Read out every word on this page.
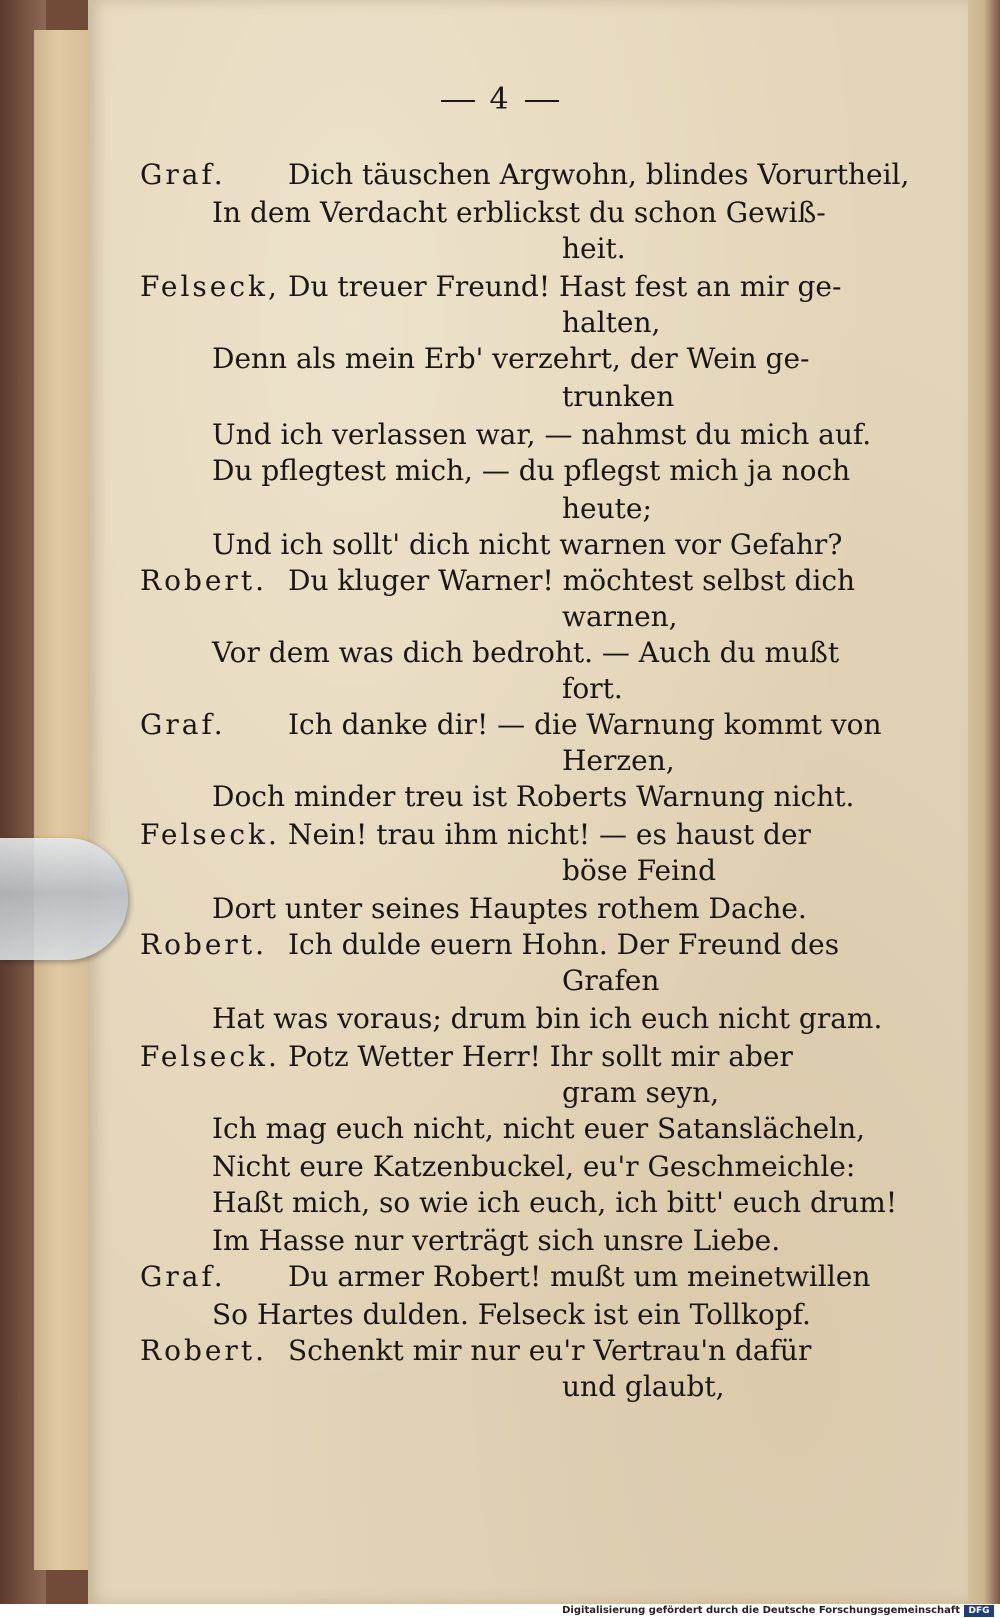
4
Graf. Dich täuschen Argwohn, blindes Vorurtheil,
In dem Verdacht erblickst du schon Gewiß-
heit.
Felseck, Du treuer Freund! Hast fest an mir ge-
halten,
Denn als mein Erb' verzehrt, der Wein ge-
trunken
Und ich verlassen war, — nahmst du mich auf.
Du pflegtest mich, — du pflegst mich ja noch
heute;
Und ich sollt' dich nicht warnen vor Gefahr?
Robert. Du kluger Warner! möchtest selbst dich
warnen,
Vor dem was dich bedroht. — Auch du mußt
fort.
Graf. Ich danke dir! — die Warnung kommt von
Herzen,
Doch minder treu ist Roberts Warnung nicht.
Felseck. Nein! trau ihm nicht! — es haust der
böse Feind
Dort unter seines Hauptes rothem Dache.
Robert. Ich dulde euern Hohn. Der Freund des
Grafen
Hat was voraus; drum bin ich euch nicht gram.
Felseck. Potz Wetter Herr! Ihr sollt mir aber
gram seyn,
Ich mag euch nicht, nicht euer Satanslächeln,
Nicht eure Katzenbuckel, eu'r Geschmeichle:
Haßt mich, so wie ich euch, ich bitt' euch drum!
Im Hasse nur verträgt sich unsre Liebe.
Graf. Du armer Robert! mußt um meinetwillen
So Hartes dulden. Felseck ist ein Tollkopf.
Robert. Schenkt mir nur eu'r Vertrau'n dafür
und glaubt,
Digitalisierung gefördert durch die Deutsche Forschungsgemeinschaft DFG
